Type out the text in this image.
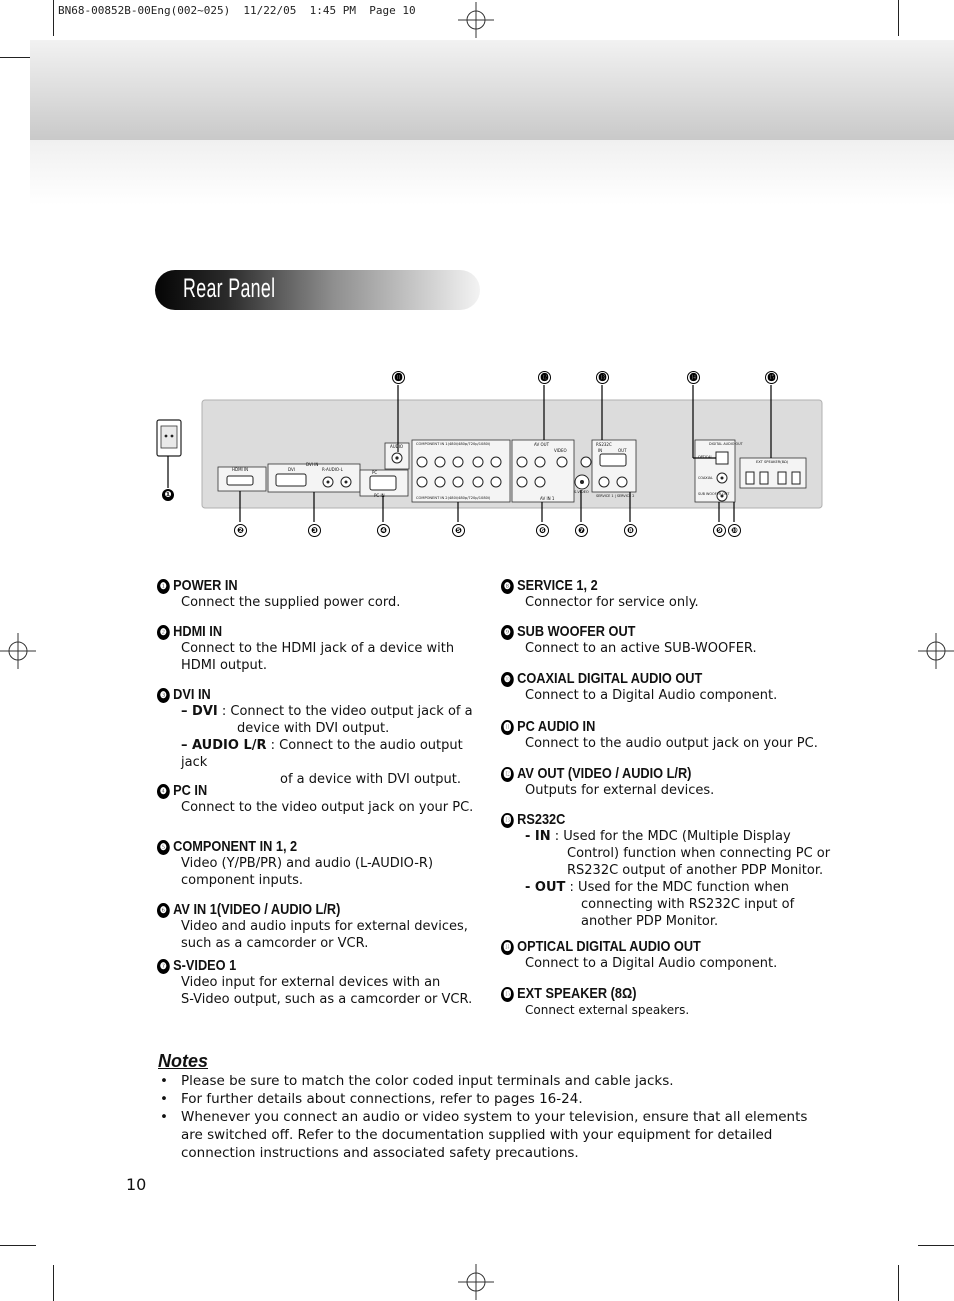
BN68-00852B-00Eng(002~025)  11/22/05  1:45 PM  Page 10
Rear Panel
HDMI IN
DVI IN
DVI	R-AUDIO-L
PC
PC IN
AUDIO	COMPONENT IN 1(480i/480p/720p/1080i)
COMPONENT IN 2(480i/480p/720p/1080i)
AV OUT
AV IN 1
VIDEO
S-VIDEO
RS232C
IN	OUT
SERVICE 1 | SERVICE 2
DIGITAL AUDIO OUT
OPTICAL
COAXIAL
SUB WOOFER OUT
EXT SPEAKER(8Ω)
❶
❷	❸	❹	❺	❻	❼	❽	❾	❿
⓫	⓬	⓭	⓮	⓯
❶ POWER IN
Connect the supplied power cord.
❷ HDMI IN
Connect to the HDMI jack of a device with
HDMI output.
❸ DVI IN
– DVI : Connect to the video output jack of a
device with DVI output.
– AUDIO L/R : Connect to the audio output jack
of a device with DVI output.
❹ PC IN
Connect to the video output jack on your PC.
❺ COMPONENT IN 1, 2
Video (Y/PB/PR) and audio (L-AUDIO-R)
component inputs.
❻ AV IN 1(VIDEO / AUDIO L/R)
Video and audio inputs for external devices,
such as a camcorder or VCR.
❼ S-VIDEO 1
Video input for external devices with an
S-Video output, such as a camcorder or VCR.
❽ SERVICE 1, 2
Connector for service only.
❾ SUB WOOFER OUT
Connect to an active SUB-WOOFER.
❿ COAXIAL DIGITAL AUDIO OUT
Connect to a Digital Audio component.
⓫ PC AUDIO IN
Connect to the audio output jack on your PC.
⓬ AV OUT (VIDEO / AUDIO L/R)
Outputs for external devices.
⓭ RS232C
- IN : Used for the MDC (Multiple Display
Control) function when connecting PC or
RS232C output of another PDP Monitor.
- OUT : Used for the MDC function when
connecting with RS232C input of
another PDP Monitor.
⓮ OPTICAL DIGITAL AUDIO OUT
Connect to a Digital Audio component.
⓯ EXT SPEAKER (8Ω)
Connect external speakers.
Notes
• Please be sure to match the color coded input terminals and cable jacks.
• For further details about connections, refer to pages 16-24.
• Whenever you connect an audio or video system to your television, ensure that all elements are switched off. Refer to the documentation supplied with your equipment for detailed connection instructions and associated safety precautions.
10
